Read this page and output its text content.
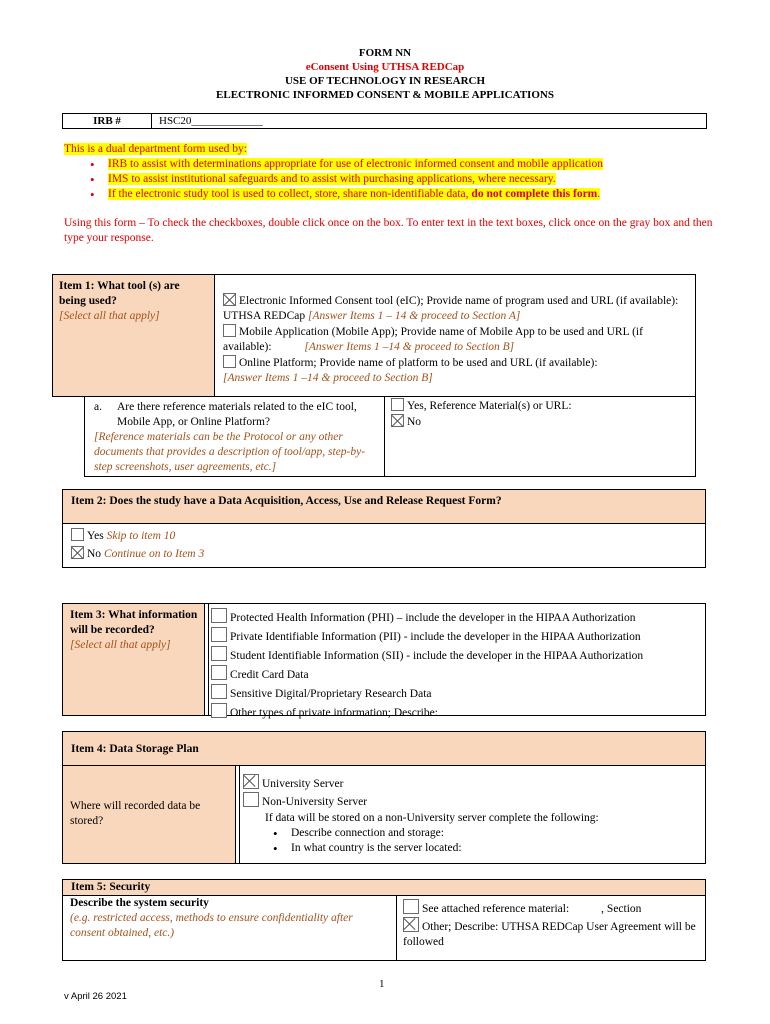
FORM NN
eConsent Using UTHSA REDCap
USE OF TECHNOLOGY IN RESEARCH
ELECTRONIC INFORMED CONSENT & MOBILE APPLICATIONS
IRB #	HSC20_____________
This is a dual department form used by:
• IRB to assist with determinations appropriate for use of electronic informed consent and mobile application
• IMS to assist institutional safeguards and to assist with purchasing applications, where necessary.
• If the electronic study tool is used to collect, store, share non-identifiable data, do not complete this form.
Using this form – To check the checkboxes, double click once on the box. To enter text in the text boxes, click once on the gray box and then type your response.
Item 1: What tool (s) are being used?
[Select all that apply]
Electronic Informed Consent tool (eIC); Provide name of program used and URL (if available): UTHSA REDCap [Answer Items 1 – 14 & proceed to Section A]
Mobile Application (Mobile App); Provide name of Mobile App to be used and URL (if available):	[Answer Items 1 –14 & proceed to Section B]
Online Platform; Provide name of platform to be used and URL (if available):
[Answer Items 1 –14 & proceed to Section B]
a. Are there reference materials related to the eIC tool, Mobile App, or Online Platform?
[Reference materials can be the Protocol or any other documents that provides a description of tool/app, step-by-step screenshots, user agreements, etc.]
Yes, Reference Material(s) or URL:
No
Item 2: Does the study have a Data Acquisition, Access, Use and Release Request Form?
Yes Skip to item 10
No Continue on to Item 3
Item 3: What information will be recorded?
[Select all that apply]
Protected Health Information (PHI) – include the developer in the HIPAA Authorization
Private Identifiable Information (PII) - include the developer in the HIPAA Authorization
Student Identifiable Information (SII) - include the developer in the HIPAA Authorization
Credit Card Data
Sensitive Digital/Proprietary Research Data
Other types of private information; Describe:
Item 4: Data Storage Plan
Where will recorded data be stored?
University Server
Non-University Server
If data will be stored on a non-University server complete the following:
• Describe connection and storage:
• In what country is the server located:
Item 5: Security
Describe the system security
(e.g. restricted access, methods to ensure confidentiality after consent obtained, etc.)
See attached reference material:	, Section
Other; Describe: UTHSA REDCap User Agreement will be followed
1
v April 26 2021
